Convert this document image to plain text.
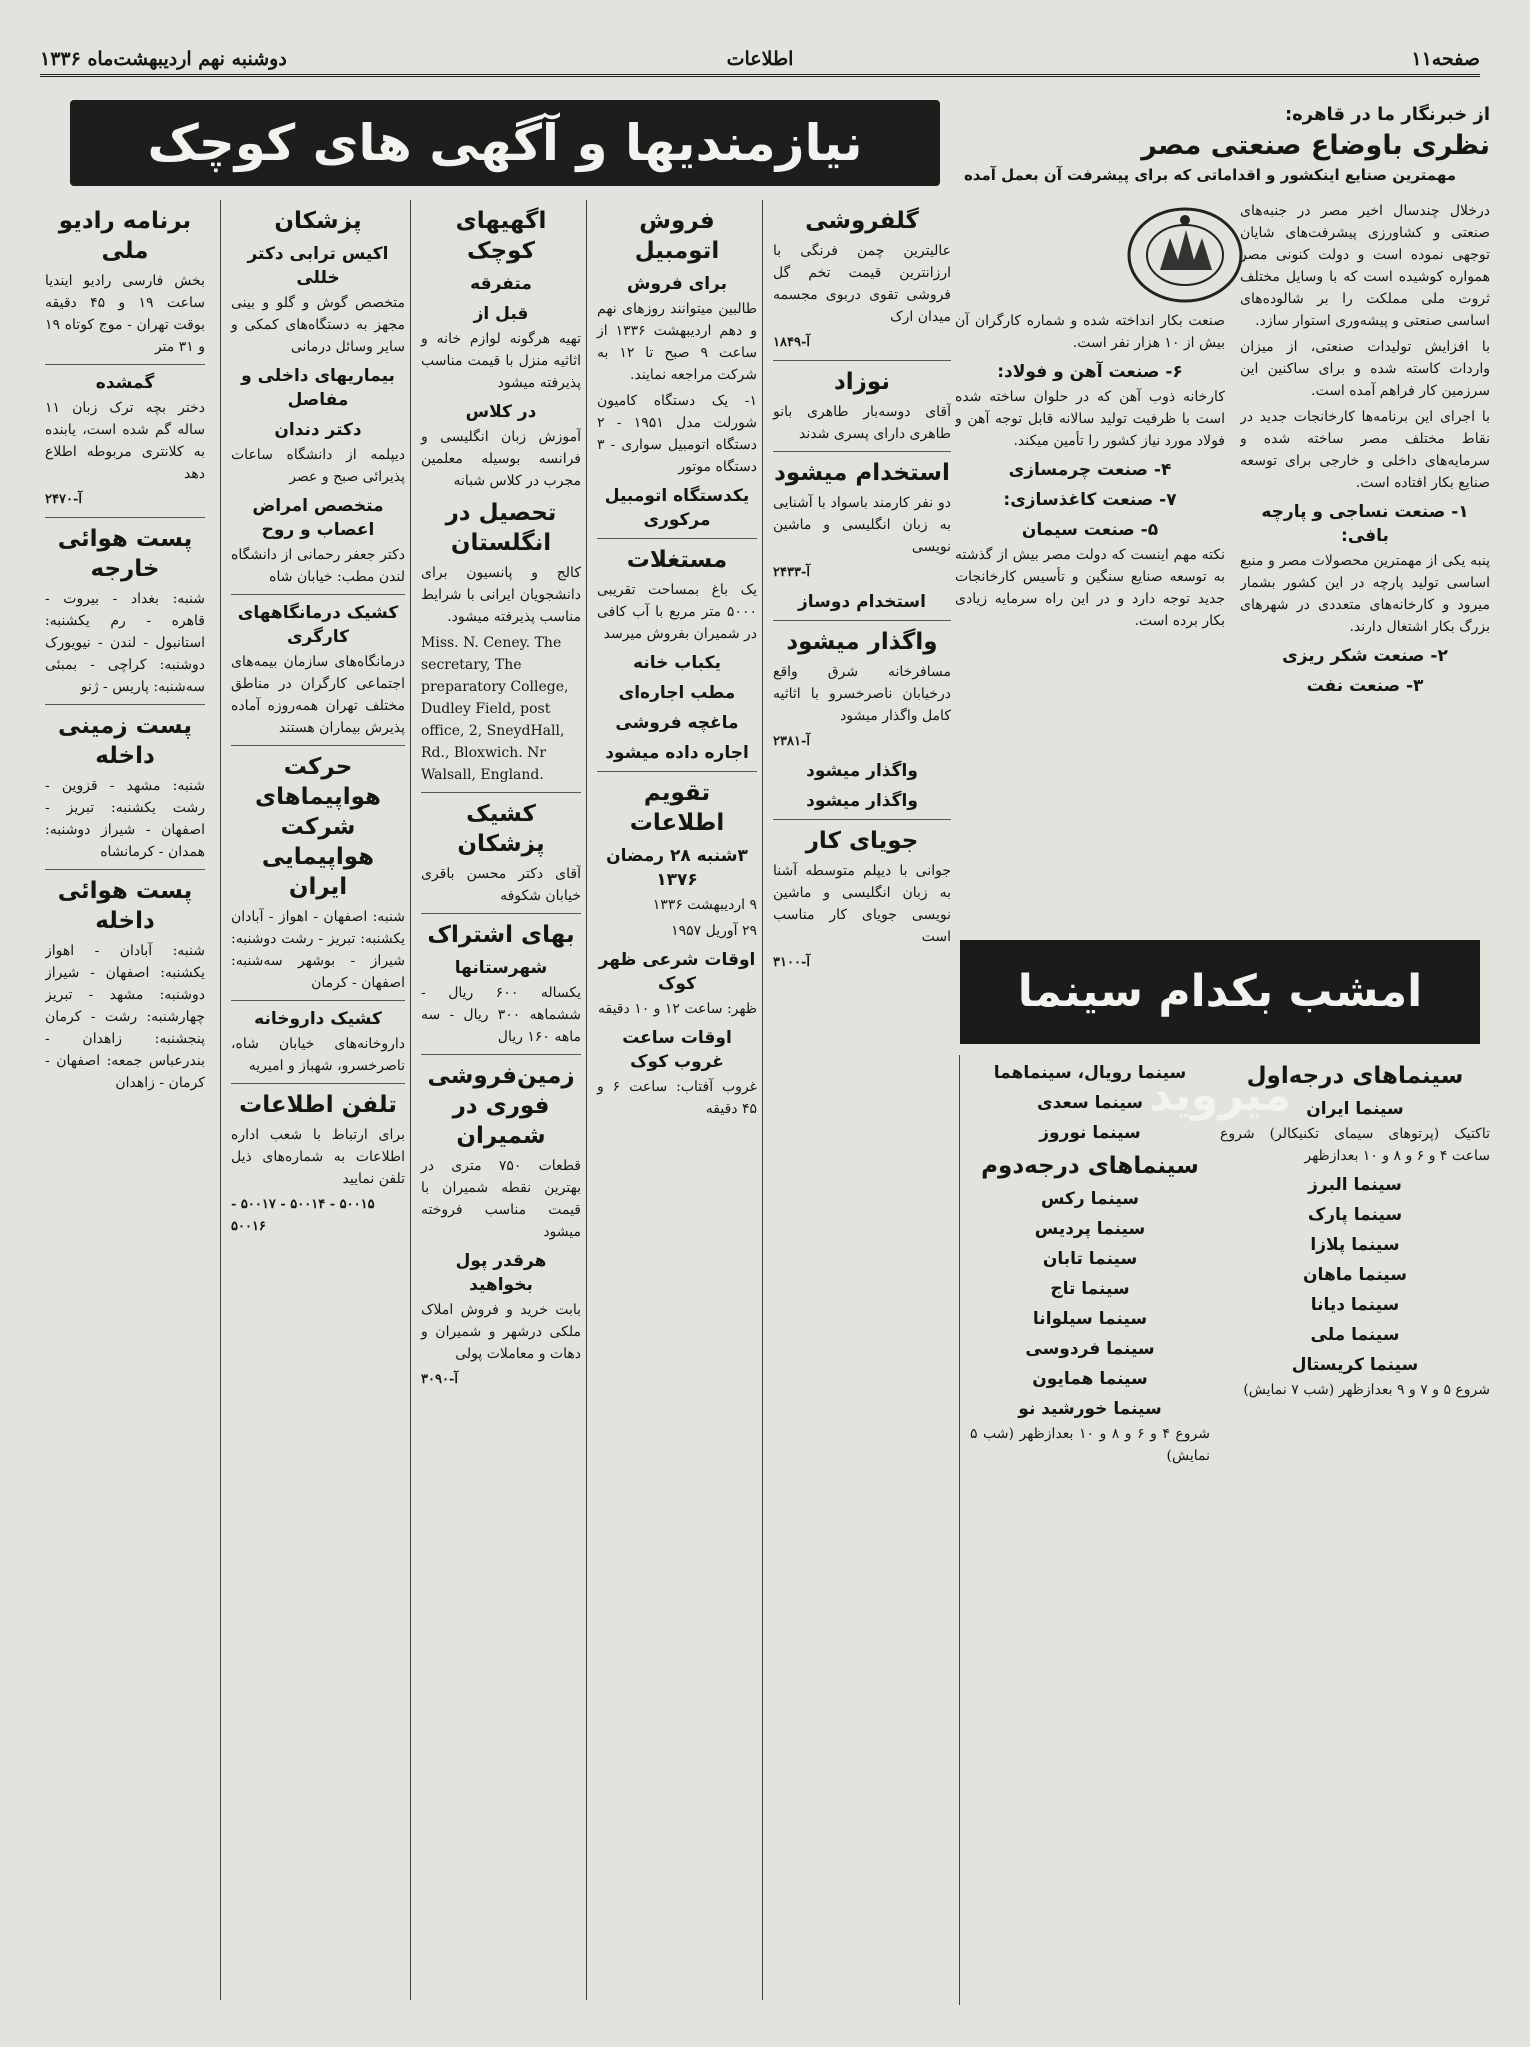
صفحه۱۱
اطلاعات
دوشنبه نهم اردیبهشت‌ماه ۱۳۳۶
از خبرنگار ما در قاهره:
نظری باوضاع صنعتی مصر
مهمترین صنایع اینکشور و اقداماتی که برای پیشرفت آن بعمل آمده

درخلال چندسال اخیر مصر در جنبه‌های صنعتی و کشاورزی پیشرفت‌های شایان توجهی نموده است و دولت کنونی مصر همواره کوشیده است که با وسایل مختلف ثروت ملی مملکت را بر شالوده‌های اساسی صنعتی و پیشه‌وری استوار سازد.

با افزایش تولیدات صنعتی، از میزان واردات کاسته شده و برای ساکنین این سرزمین کار فراهم آمده است.

با اجرای این برنامه‌ها کارخانجات جدید در نقاط مختلف مصر ساخته شده و سرمایه‌های داخلی و خارجی برای توسعه صنایع بکار افتاده است.

۱- صنعت نساجی و پارچه بافی:

پنبه یکی از مهمترین محصولات مصر و منبع اساسی تولید پارچه در این کشور بشمار میرود و کارخانه‌های متعددی در شهرهای بزرگ بکار اشتغال دارند.

۲- صنعت شکر ریزی
۳- صنعت نفت

صنعت بکار انداخته شده و شماره کارگران آن بیش از ۱۰ هزار نفر است.

۶- صنعت آهن و فولاد:

کارخانه ذوب آهن که در حلوان ساخته شده است با ظرفیت تولید سالانه قابل توجه آهن و فولاد مورد نیاز کشور را تأمین میکند.

۴- صنعت چرمسازی
۷- صنعت کاغذسازی:
۵- صنعت سیمان

نکته مهم اینست که دولت مصر بیش از گذشته به توسعه صنایع سنگین و تأسیس کارخانجات جدید توجه دارد و در این راه سرمایه زیادی بکار برده است.

نیازمندیها و آگهی های کوچک
امشب بکدام سینما میروید
سینماهای درجه‌اول
سینما ایران

تاکتیک (پرتوهای سیمای تکنیکالر) شروع ساعت ۴ و ۶ و ۸ و ۱۰ بعدازظهر

سینما البرز
سینما پارک
سینما پلازا
سینما ماهان
سینما دیانا
سینما ملی
سینما کریستال

شروع ۵ و ۷ و ۹ بعدازظهر (شب ۷ نمایش)

سینما رویال، سینماهما
سینما سعدی
سینما نوروز
سینماهای درجه‌دوم
سینما رکس
سینما پردیس
سینما تابان
سینما تاج
سینما سیلوانا
سینما فردوسی
سینما همایون
سینما خورشید نو

شروع ۴ و ۶ و ۸ و ۱۰ بعدازظهر (شب ۵ نمایش)

گلفروشی

عالیترین چمن فرنگی با ارزانترین قیمت تخم گل فروشی تقوی دربوی مجسمه میدان ارک

آ-۱۸۴۹
نوزاد

آقای دوسه‌بار طاهری بانو طاهری دارای پسری شدند

استخدام میشود

دو نفر کارمند باسواد با آشنایی به زبان انگلیسی و ماشین نویسی

آ-۲۴۳۳
استخدام دوساز
واگذار میشود

مسافرخانه شرق واقع درخیابان ناصرخسرو با اثاثیه کامل واگذار میشود

آ-۲۳۸۱
واگذار میشود
واگذار میشود
جویای کار

جوانی با دیپلم متوسطه آشنا به زبان انگلیسی و ماشین نویسی جویای کار مناسب است

آ-۳۱۰۰
فروش اتومبیل
برای فروش

طالبین میتوانند روزهای نهم و دهم اردیبهشت ۱۳۳۶ از ساعت ۹ صبح تا ۱۲ به شرکت مراجعه نمایند.

۱- یک دستگاه کامیون شورلت مدل ۱۹۵۱ - ۲ دستگاه اتومبیل سواری - ۳ دستگاه موتور

یکدستگاه اتومبیل مرکوری
مستغلات

یک باغ بمساحت تقریبی ۵۰۰۰ متر مربع با آب کافی در شمیران بفروش میرسد

یکباب خانه
مطب اجاره‌ای
ماغچه فروشی
اجاره داده میشود
تقویم اطلاعات
۳شنبه ۲۸ رمضان ۱۳۷۶

۹ اردیبهشت ۱۳۳۶

۲۹ آوریل ۱۹۵۷

اوقات شرعی ظهر کوک

ظهر: ساعت ۱۲ و ۱۰ دقیقه

اوقات ساعت غروب کوک

غروب آفتاب: ساعت ۶ و ۴۵ دقیقه

اگهیهای کوچک
متفرقه
قبل از

تهیه هرگونه لوازم خانه و اثاثیه منزل با قیمت مناسب پذیرفته میشود

در کلاس

آموزش زبان انگلیسی و فرانسه بوسیله معلمین مجرب در کلاس شبانه

تحصیل در انگلستان

کالج و پانسیون برای دانشجویان ایرانی با شرایط مناسب پذیرفته میشود.

Miss. N. Ceney. The secretary, The preparatory College, Dudley Field, post office, 2, SneydHall, Rd., Bloxwich. Nr Walsall, England.

کشیک پزشکان

آقای دکتر محسن باقری خیابان شکوفه

بهای اشتراک
شهرستانها

یکساله ۶۰۰ ریال - ششماهه ۳۰۰ ریال - سه ماهه ۱۶۰ ریال

زمین‌فروشی فوری در شمیران

قطعات ۷۵۰ متری در بهترین نقطه شمیران با قیمت مناسب فروخته میشود

هرقدر پول بخواهید

بابت خرید و فروش املاک ملکی درشهر و شمیران و دهات و معاملات پولی

آ-۳۰۹۰
پزشکان
اکیس ترابی دکتر خللی

متخصص گوش و گلو و بینی مجهز به دستگاه‌های کمکی و سایر وسائل درمانی

بیماریهای داخلی و مفاصل
دکتر دندان

دیپلمه از دانشگاه ساعات پذیرائی صبح و عصر

متخصص امراض اعصاب و روح

دکتر جعفر رحمانی از دانشگاه لندن مطب: خیابان شاه

کشیک درمانگاههای کارگری

درمانگاه‌های سازمان بیمه‌های اجتماعی کارگران در مناطق مختلف تهران همه‌روزه آماده پذیرش بیماران هستند

حرکت هواپیماهای شرکت هواپیمایی ایران

شنبه: اصفهان - اهواز - آبادان یکشنبه: تبریز - رشت دوشنبه: شیراز - بوشهر سه‌شنبه: اصفهان - کرمان

کشیک داروخانه

داروخانه‌های خیابان شاه، ناصرخسرو، شهباز و امیریه

تلفن اطلاعات

برای ارتباط با شعب اداره اطلاعات به شماره‌های ذیل تلفن نمایید

۵۰۰۱۵ - ۵۰۰۱۴ - ۵۰۰۱۷ - ۵۰۰۱۶
برنامه رادیو ملی

بخش فارسی رادیو ایندیا ساعت ۱۹ و ۴۵ دقیقه بوقت تهران - موج کوتاه ۱۹ و ۳۱ متر

گمشده

دختر بچه ترک زبان ۱۱ ساله گم شده است، یابنده به کلانتری مربوطه اطلاع دهد

آ-۲۴۷۰
پست هوائی خارجه

شنبه: بغداد - بیروت - قاهره - رم یکشنبه: استانبول - لندن - نیویورک دوشنبه: کراچی - بمبئی سه‌شنبه: پاریس - ژنو

پست زمینی داخله

شنبه: مشهد - قزوین - رشت یکشنبه: تبریز - اصفهان - شیراز دوشنبه: همدان - کرمانشاه

پست هوائی داخله

شنبه: آبادان - اهواز یکشنبه: اصفهان - شیراز دوشنبه: مشهد - تبریز چهارشنبه: رشت - کرمان پنجشنبه: زاهدان - بندرعباس جمعه: اصفهان - کرمان - زاهدان
